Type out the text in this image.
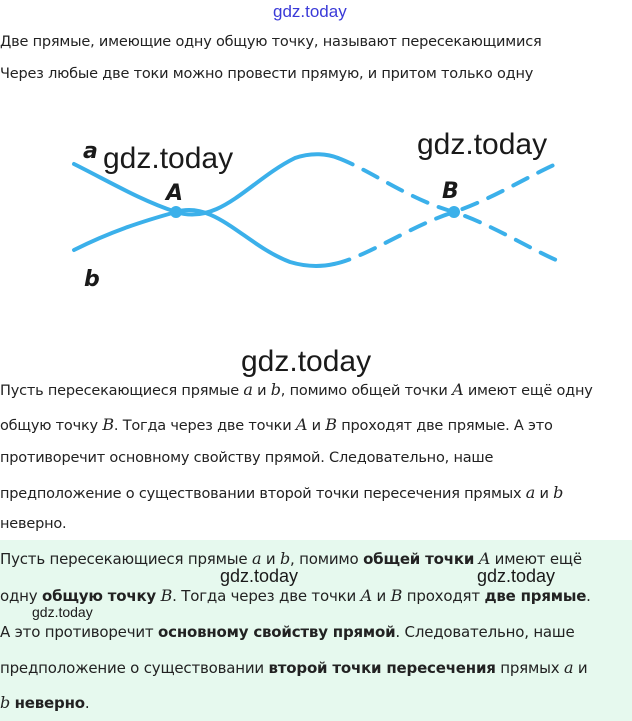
gdz.today
Две прямые, имеющие одну общую точку, называют пересекающимися
Через любые две токи можно провести прямую, и притом только одну
a
b
A	B
gdz.today	gdz.today
gdz.today
Пусть пересекающиеся прямые a и b, помимо общей точки A имеют ещё одну
общую точку B. Тогда через две точки A и B проходят две прямые. А это
противоречит основному свойству прямой. Следовательно, наше
предположение о существовании второй точки пересечения прямых a и b
неверно.
Пусть пересекающиеся прямые a и b, помимо общей точки A имеют ещё
одну общую точку B. Тогда через две точки A и B проходят две прямые.
А это противоречит основному свойству прямой. Следовательно, наше
предположение о существовании второй точки пересечения прямых a и
b неверно.
gdz.today	gdz.today
gdz.today
